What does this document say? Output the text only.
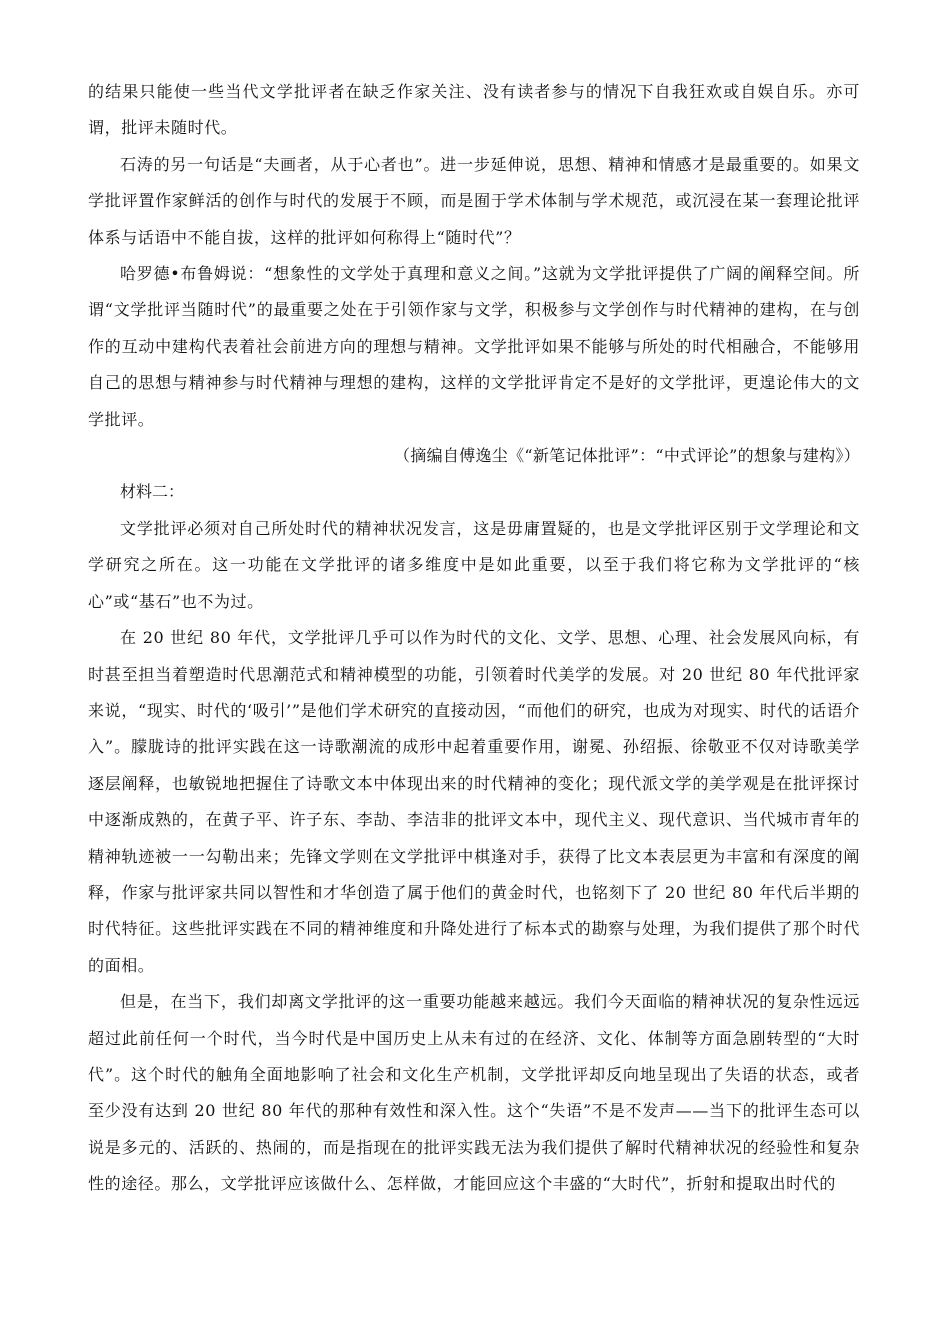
的结果只能使一些当代文学批评者在缺乏作家关注、没有读者参与的情况下自我狂欢或自娱自乐。亦可谓，批评未随时代。

石涛的另一句话是“夫画者，从于心者也”。进一步延伸说，思想、精神和情感才是最重要的。如果文学批评置作家鲜活的创作与时代的发展于不顾，而是囿于学术体制与学术规范，或沉浸在某一套理论批评体系与话语中不能自拔，这样的批评如何称得上“随时代”？

哈罗德•布鲁姆说：“想象性的文学处于真理和意义之间。”这就为文学批评提供了广阔的阐释空间。所谓“文学批评当随时代”的最重要之处在于引领作家与文学，积极参与文学创作与时代精神的建构，在与创作的互动中建构代表着社会前进方向的理想与精神。文学批评如果不能够与所处的时代相融合，不能够用自己的思想与精神参与时代精神与理想的建构，这样的文学批评肯定不是好的文学批评，更遑论伟大的文学批评。

（摘编自傅逸尘《“新笔记体批评”：“中式评论”的想象与建构》）

材料二：

文学批评必须对自己所处时代的精神状况发言，这是毋庸置疑的，也是文学批评区别于文学理论和文学研究之所在。这一功能在文学批评的诸多维度中是如此重要，以至于我们将它称为文学批评的“核心”或“基石”也不为过。

在 20 世纪 80 年代，文学批评几乎可以作为时代的文化、文学、思想、心理、社会发展风向标，有时甚至担当着塑造时代思潮范式和精神模型的功能，引领着时代美学的发展。对 20 世纪 80 年代批评家来说，“现实、时代的‘吸引’”是他们学术研究的直接动因，“而他们的研究，也成为对现实、时代的话语介入”。朦胧诗的批评实践在这一诗歌潮流的成形中起着重要作用，谢冕、孙绍振、徐敬亚不仅对诗歌美学逐层阐释，也敏锐地把握住了诗歌文本中体现出来的时代精神的变化；现代派文学的美学观是在批评探讨中逐渐成熟的，在黄子平、许子东、李劼、李洁非的批评文本中，现代主义、现代意识、当代城市青年的精神轨迹被一一勾勒出来；先锋文学则在文学批评中棋逢对手，获得了比文本表层更为丰富和有深度的阐释，作家与批评家共同以智性和才华创造了属于他们的黄金时代，也铭刻下了 20 世纪 80 年代后半期的时代特征。这些批评实践在不同的精神维度和升降处进行了标本式的勘察与处理，为我们提供了那个时代的面相。

但是，在当下，我们却离文学批评的这一重要功能越来越远。我们今天面临的精神状况的复杂性远远超过此前任何一个时代，当今时代是中国历史上从未有过的在经济、文化、体制等方面急剧转型的“大时代”。这个时代的触角全面地影响了社会和文化生产机制，文学批评却反向地呈现出了失语的状态，或者至少没有达到 20 世纪 80 年代的那种有效性和深入性。这个“失语”不是不发声——当下的批评生态可以说是多元的、活跃的、热闹的，而是指现在的批评实践无法为我们提供了解时代精神状况的经验性和复杂性的途径。那么，文学批评应该做什么、怎样做，才能回应这个丰盛的“大时代”，折射和提取出时代的
